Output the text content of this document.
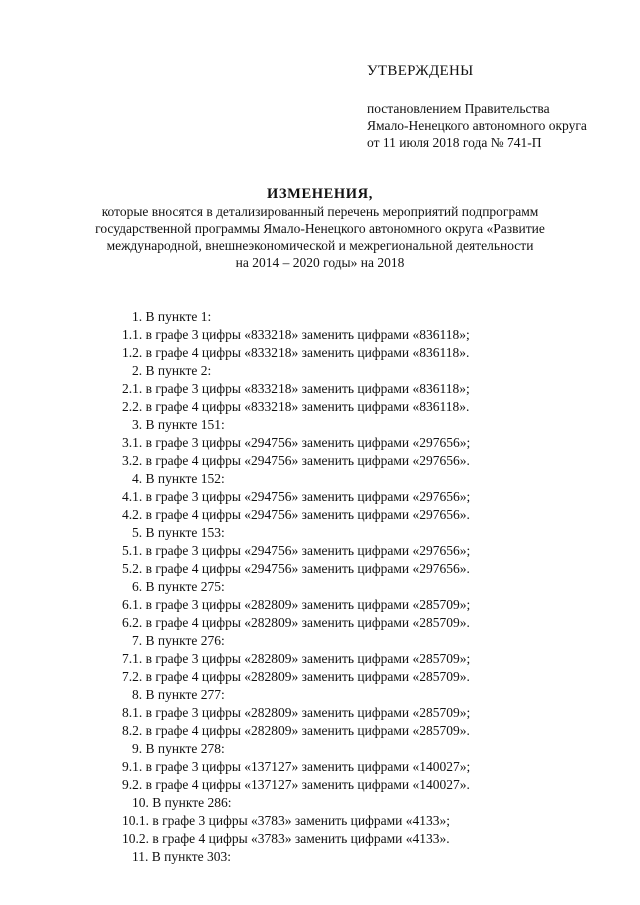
УТВЕРЖДЕНЫ
постановлением Правительства
Ямало-Ненецкого автономного округа
от 11 июля 2018 года № 741-П
ИЗМЕНЕНИЯ,
которые вносятся в детализированный перечень мероприятий подпрограмм
государственной программы Ямало-Ненецкого автономного округа «Развитие
международной, внешнеэкономической и межрегиональной деятельности
на 2014 – 2020 годы» на 2018
1. В пункте 1:
1.1. в графе 3 цифры «833218» заменить цифрами «836118»;
1.2. в графе 4 цифры «833218» заменить цифрами «836118».
2. В пункте 2:
2.1. в графе 3 цифры «833218» заменить цифрами «836118»;
2.2. в графе 4 цифры «833218» заменить цифрами «836118».
3. В пункте 151:
3.1. в графе 3 цифры «294756» заменить цифрами «297656»;
3.2. в графе 4 цифры «294756» заменить цифрами «297656».
4. В пункте 152:
4.1. в графе 3 цифры «294756» заменить цифрами «297656»;
4.2. в графе 4 цифры «294756» заменить цифрами «297656».
5. В пункте 153:
5.1. в графе 3 цифры «294756» заменить цифрами «297656»;
5.2. в графе 4 цифры «294756» заменить цифрами «297656».
6. В пункте 275:
6.1. в графе 3 цифры «282809» заменить цифрами «285709»;
6.2. в графе 4 цифры «282809» заменить цифрами «285709».
7. В пункте 276:
7.1. в графе 3 цифры «282809» заменить цифрами «285709»;
7.2. в графе 4 цифры «282809» заменить цифрами «285709».
8. В пункте 277:
8.1. в графе 3 цифры «282809» заменить цифрами «285709»;
8.2. в графе 4 цифры «282809» заменить цифрами «285709».
9. В пункте 278:
9.1. в графе 3 цифры «137127» заменить цифрами «140027»;
9.2. в графе 4 цифры «137127» заменить цифрами «140027».
10. В пункте 286:
10.1. в графе 3 цифры «3783» заменить цифрами «4133»;
10.2. в графе 4 цифры «3783» заменить цифрами «4133».
11. В пункте 303:
